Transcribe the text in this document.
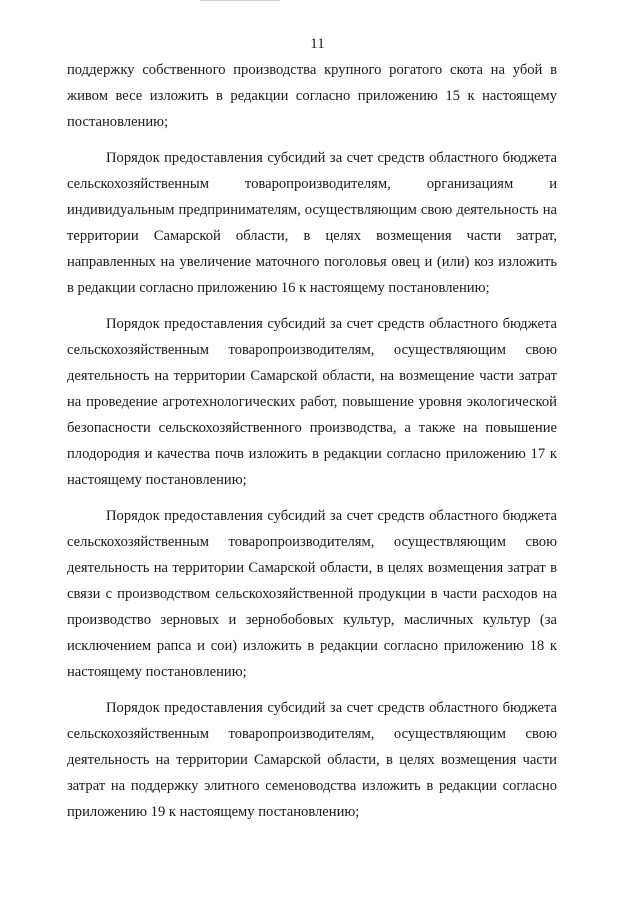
11

поддержку собственного производства крупного рогатого скота на убой в живом весе изложить в редакции согласно приложению 15 к настоящему постановлению;

Порядок предоставления субсидий за счет средств областного бюджета сельскохозяйственным товаропроизводителям, организациям и индивидуальным предпринимателям, осуществляющим свою деятельность на территории Самарской области, в целях возмещения части затрат, направленных на увеличение маточного поголовья овец и (или) коз изложить в редакции согласно приложению 16 к настоящему постановлению;

Порядок предоставления субсидий за счет средств областного бюджета сельскохозяйственным товаропроизводителям, осуществляющим свою деятельность на территории Самарской области, на возмещение части затрат на проведение агротехнологических работ, повышение уровня экологической безопасности сельскохозяйственного производства, а также на повышение плодородия и качества почв изложить в редакции согласно приложению 17 к настоящему постановлению;

Порядок предоставления субсидий за счет средств областного бюджета сельскохозяйственным товаропроизводителям, осуществляющим свою деятельность на территории Самарской области, в целях возмещения затрат в связи с производством сельскохозяйственной продукции в части расходов на производство зерновых и зернобобовых культур, масличных культур (за исключением рапса и сои) изложить в редакции согласно приложению 18 к настоящему постановлению;

Порядок предоставления субсидий за счет средств областного бюджета сельскохозяйственным товаропроизводителям, осуществляющим свою деятельность на территории Самарской области, в целях возмещения части затрат на поддержку элитного семеноводства изложить в редакции согласно приложению 19 к настоящему постановлению;
